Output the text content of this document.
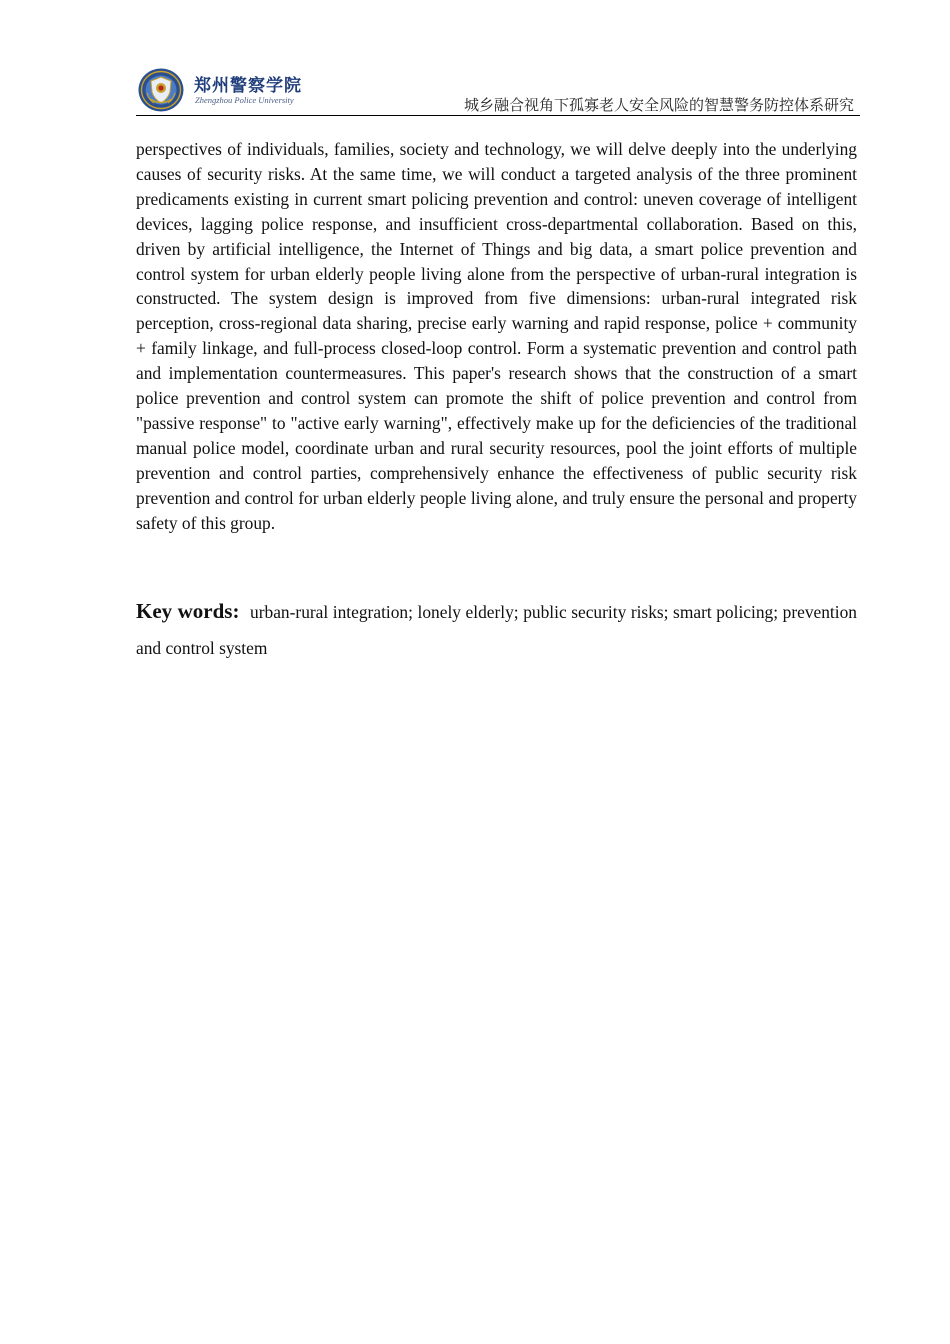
郑州警察学院
Zhengzhou Police University	城乡融合视角下孤寡老人安全风险的智慧警务防控体系研究

perspectives of individuals, families, society and technology, we will delve deeply into the underlying causes of security risks. At the same time, we will conduct a targeted analysis of the three prominent predicaments existing in current smart policing prevention and control: uneven coverage of intelligent devices, lagging police response, and insufficient cross-departmental collaboration. Based on this, driven by artificial intelligence, the Internet of Things and big data, a smart police prevention and control system for urban elderly people living alone from the perspective of urban-rural integration is constructed. The system design is improved from five dimensions: urban-rural integrated risk perception, cross-regional data sharing, precise early warning and rapid response, police + community + family linkage, and full-process closed-loop control. Form a systematic prevention and control path and implementation countermeasures. This paper's research shows that the construction of a smart police prevention and control system can promote the shift of police prevention and control from "passive response" to "active early warning", effectively make up for the deficiencies of the traditional manual police model, coordinate urban and rural security resources, pool the joint efforts of multiple prevention and control parties, comprehensively enhance the effectiveness of public security risk prevention and control for urban elderly people living alone, and truly ensure the personal and property safety of this group.

Key words: urban-rural integration; lonely elderly; public security risks; smart policing; prevention and control system
